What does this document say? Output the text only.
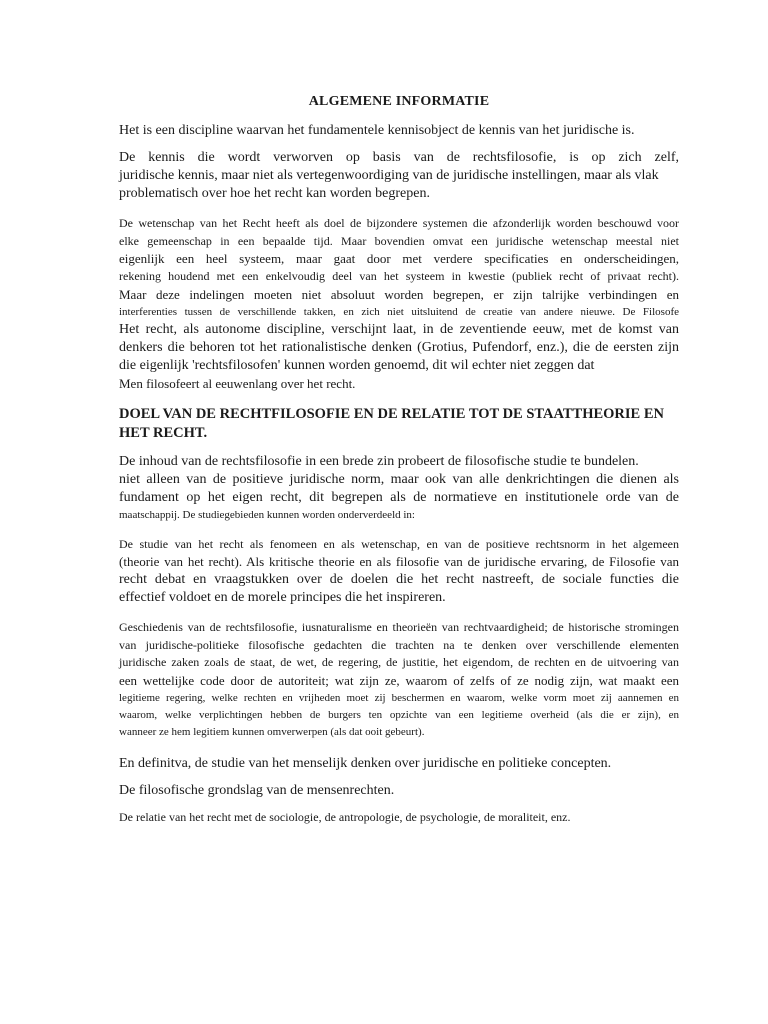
ALGEMENE INFORMATIE
Het is een discipline waarvan het fundamentele kennisobject de kennis van het juridische is.
De kennis die wordt verworven op basis van de rechtsfilosofie, is op zich zelf,
juridische kennis, maar niet als vertegenwoordiging van de juridische instellingen, maar als vlak
problematisch over hoe het recht kan worden begrepen.
De wetenschap van het Recht heeft als doel de bijzondere systemen die afzonderlijk worden beschouwd voor
elke gemeenschap in een bepaalde tijd. Maar bovendien omvat een juridische wetenschap meestal niet
eigenlijk een heel systeem, maar gaat door met verdere specificaties en onderscheidingen,
rekening houdend met een enkelvoudig deel van het systeem in kwestie (publiek recht of privaat recht).
Maar deze indelingen moeten niet absoluut worden begrepen, er zijn talrijke verbindingen en
interferenties tussen de verschillende takken, en zich niet uitsluitend de creatie van andere nieuwe. De Filosofe
Het recht, als autonome discipline, verschijnt laat, in de zeventiende eeuw, met de komst van
denkers die behoren tot het rationalistische denken (Grotius, Pufendorf, enz.), die de eersten zijn
die eigenlijk 'rechtsfilosofen' kunnen worden genoemd, dit wil echter niet zeggen dat
Men filosofeert al eeuwenlang over het recht.
DOEL VAN DE RECHTFILOSOFIE EN DE RELATIE TOT DE STAATTHEORIE EN HET RECHT.
De inhoud van de rechtsfilosofie in een brede zin probeert de filosofische studie te bundelen.
niet alleen van de positieve juridische norm, maar ook van alle denkrichtingen die dienen als
fundament op het eigen recht, dit begrepen als de normatieve en institutionele orde van de
maatschappij. De studiegebieden kunnen worden onderverdeeld in:
De studie van het recht als fenomeen en als wetenschap, en van de positieve rechtsnorm in het algemeen
(theorie van het recht). Als kritische theorie en als filosofie van de juridische ervaring, de Filosofie van
recht debat en vraagstukken over de doelen die het recht nastreeft, de sociale functies die
effectief voldoet en de morele principes die het inspireren.
Geschiedenis van de rechtsfilosofie, iusnaturalisme en theorieën van rechtvaardigheid; de historische stromingen
van juridische-politieke filosofische gedachten die trachten na te denken over verschillende elementen
juridische zaken zoals de staat, de wet, de regering, de justitie, het eigendom, de rechten en de uitvoering van
een wettelijke code door de autoriteit; wat zijn ze, waarom of zelfs of ze nodig zijn, wat maakt een
legitieme regering, welke rechten en vrijheden moet zij beschermen en waarom, welke vorm moet zij aannemen en
waarom, welke verplichtingen hebben de burgers ten opzichte van een legitieme overheid (als die er zijn), en
wanneer ze hem legitiem kunnen omverwerpen (als dat ooit gebeurt).
En definitva, de studie van het menselijk denken over juridische en politieke concepten.
De filosofische grondslag van de mensenrechten.
De relatie van het recht met de sociologie, de antropologie, de psychologie, de moraliteit, enz.
